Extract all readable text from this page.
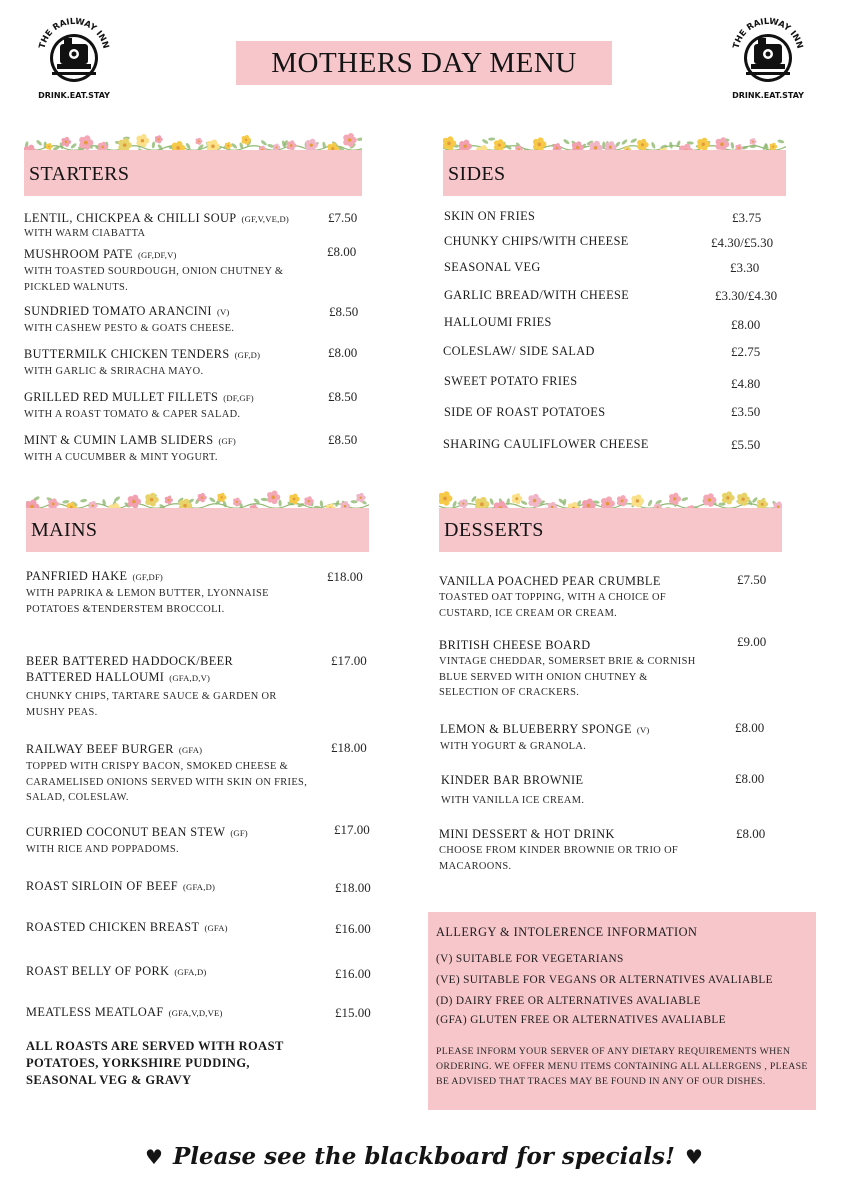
THE RAILWAY INN
DRINK.EAT.STAY
THE RAILWAY INN
DRINK.EAT.STAY
MOTHERS DAY MENU
STARTERS	SIDES
MAINS	DESSERTS
LENTIL, CHICKPEA & CHILLI SOUP (GF,V,VE,D)
WITH WARM CIABATTA
£7.50
MUSHROOM PATE (GF,DF,V)
WITH TOASTED SOURDOUGH, ONION CHUTNEY & PICKLED WALNUTS.
£8.00
SUNDRIED TOMATO ARANCINI (V)
WITH CASHEW PESTO & GOATS CHEESE.
£8.50
BUTTERMILK CHICKEN TENDERS (GF,D)
WITH GARLIC & SRIRACHA MAYO.
£8.00
GRILLED RED MULLET FILLETS (DF,GF)
WITH A ROAST TOMATO & CAPER SALAD.
£8.50
MINT & CUMIN LAMB SLIDERS (GF)
WITH A CUCUMBER & MINT YOGURT.
£8.50
SKIN ON FRIES	£3.75
CHUNKY CHIPS/WITH CHEESE	£4.30/£5.30
SEASONAL VEG	£3.30
GARLIC BREAD/WITH CHEESE	£3.30/£4.30
HALLOUMI FRIES	£8.00
COLESLAW/ SIDE SALAD	£2.75
SWEET POTATO FRIES	£4.80
SIDE OF ROAST POTATOES	£3.50
SHARING CAULIFLOWER CHEESE	£5.50
PANFRIED HAKE (GF,DF)
WITH PAPRIKA & LEMON BUTTER, LYONNAISE POTATOES &TENDERSTEM BROCCOLI.
£18.00
BEER BATTERED HADDOCK/BEER
BATTERED HALLOUMI (GFA,D,V)
CHUNKY CHIPS, TARTARE SAUCE & GARDEN OR MUSHY PEAS.
£17.00
RAILWAY BEEF BURGER (GFA)
TOPPED WITH CRISPY BACON, SMOKED CHEESE & CARAMELISED ONIONS SERVED WITH SKIN ON FRIES, SALAD, COLESLAW.
£18.00
CURRIED COCONUT BEAN STEW (GF)
WITH RICE AND POPPADOMS.
£17.00
ROAST SIRLOIN OF BEEF (GFA,D)	£18.00
ROASTED CHICKEN BREAST (GFA)	£16.00
ROAST BELLY OF PORK (GFA,D)	£16.00
MEATLESS MEATLOAF (GFA,V,D,VE)	£15.00
ALL ROASTS ARE SERVED WITH ROAST POTATOES, YORKSHIRE PUDDING, SEASONAL VEG & GRAVY
VANILLA POACHED PEAR CRUMBLE
TOASTED OAT TOPPING, WITH A CHOICE OF CUSTARD, ICE CREAM OR CREAM.
£7.50
BRITISH CHEESE BOARD
VINTAGE CHEDDAR, SOMERSET BRIE & CORNISH BLUE SERVED WITH ONION CHUTNEY & SELECTION OF CRACKERS.
£9.00
LEMON & BLUEBERRY SPONGE (V)
WITH YOGURT & GRANOLA.
£8.00
KINDER BAR BROWNIE
WITH VANILLA ICE CREAM.
£8.00
MINI DESSERT & HOT DRINK
CHOOSE FROM KINDER BROWNIE OR TRIO OF MACAROONS.
£8.00
ALLERGY & INTOLERENCE INFORMATION
(V) SUITABLE FOR VEGETARIANS
(VE) SUITABLE FOR VEGANS OR ALTERNATIVES AVALIABLE
(D) DAIRY FREE OR ALTERNATIVES AVALIABLE
(GFA) GLUTEN FREE OR ALTERNATIVES AVALIABLE
PLEASE INFORM YOUR SERVER OF ANY DIETARY REQUIREMENTS WHEN ORDERING. WE OFFER MENU ITEMS CONTAINING ALL ALLERGENS , PLEASE BE ADVISED THAT TRACES MAY BE FOUND IN ANY OF OUR DISHES.
♥ Please see the blackboard for specials! ♥
